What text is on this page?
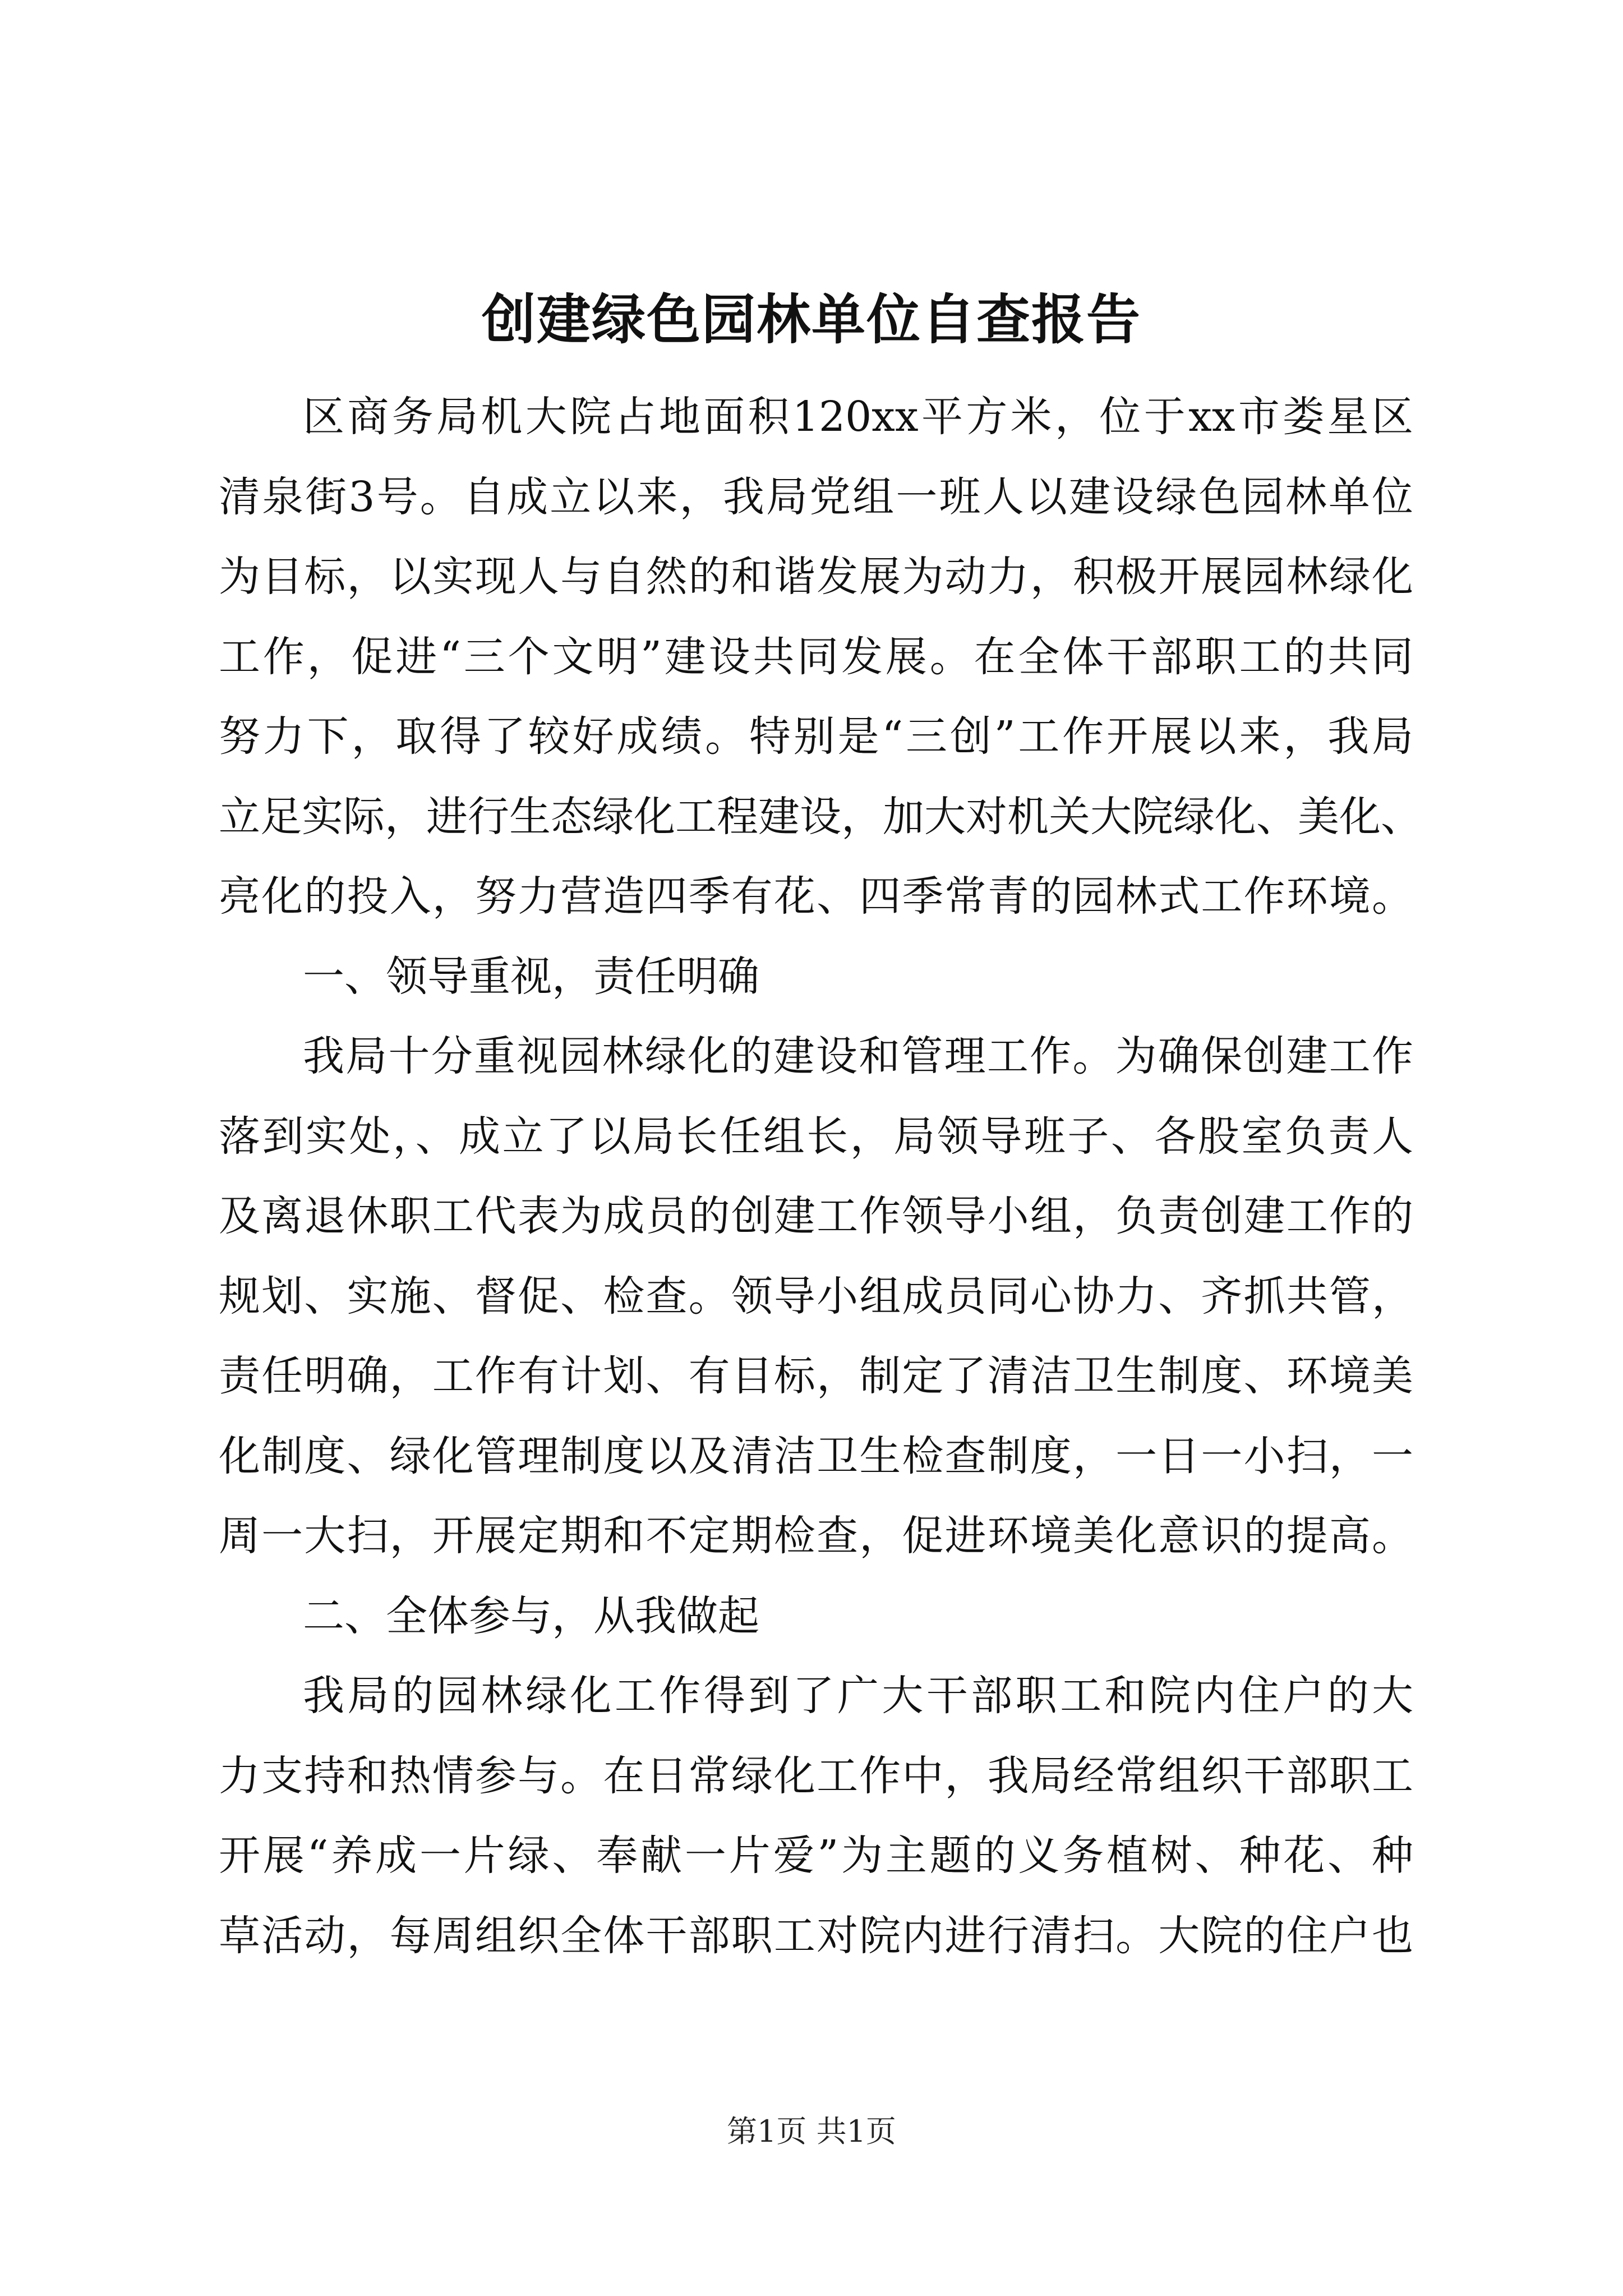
创建绿色园林单位自查报告
区商务局机大院占地面积120xx平方米，位于xx市娄星区
清泉街3号。自成立以来，我局党组一班人以建设绿色园林单位
为目标，以实现人与自然的和谐发展为动力，积极开展园林绿化
工作，促进“三个文明”建设共同发展。在全体干部职工的共同
努力下，取得了较好成绩。特别是“三创”工作开展以来，我局
立足实际，进行生态绿化工程建设，加大对机关大院绿化、美化、
亮化的投入，努力营造四季有花、四季常青的园林式工作环境。
一、领导重视，责任明确
我局十分重视园林绿化的建设和管理工作。为确保创建工作
落到实处，、成立了以局长任组长，局领导班子、各股室负责人
及离退休职工代表为成员的创建工作领导小组，负责创建工作的
规划、实施、督促、检查。领导小组成员同心协力、齐抓共管，
责任明确，工作有计划、有目标，制定了清洁卫生制度、环境美
化制度、绿化管理制度以及清洁卫生检查制度，一日一小扫，一
周一大扫，开展定期和不定期检查，促进环境美化意识的提高。
二、全体参与，从我做起
我局的园林绿化工作得到了广大干部职工和院内住户的大
力支持和热情参与。在日常绿化工作中，我局经常组织干部职工
开展“养成一片绿、奉献一片爱”为主题的义务植树、种花、种
草活动，每周组织全体干部职工对院内进行清扫。大院的住户也
第1页 共1页
